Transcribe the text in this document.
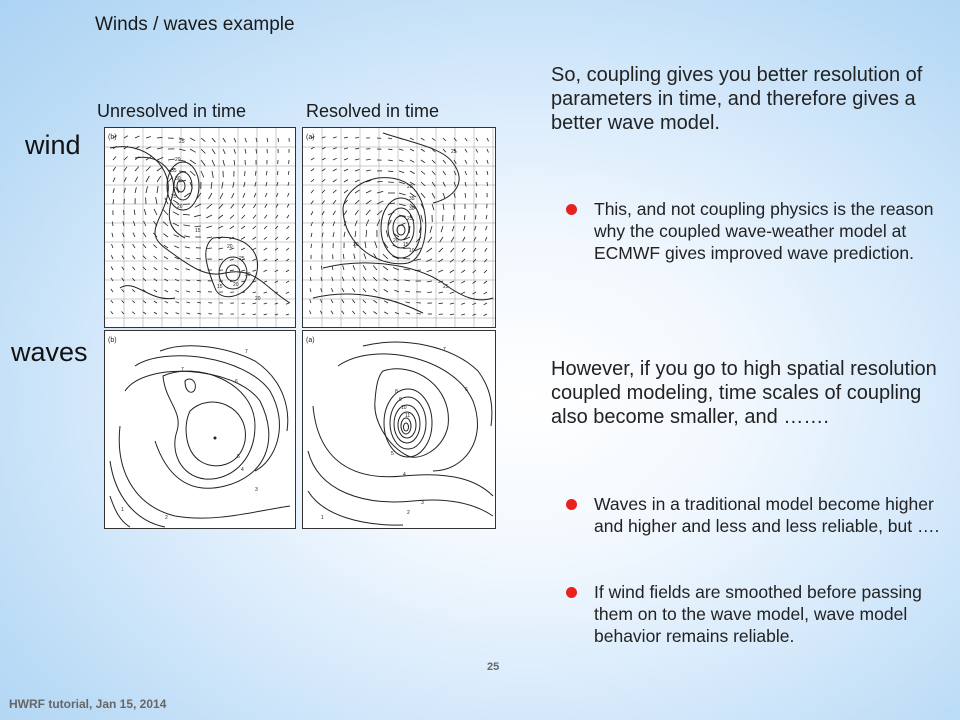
Winds / waves example
Unresolved in time	Resolved in time
wind
waves
(b)
25
20
35
30
25
20
15
20
25
30
20
15
20
(a)
25
20
35
30
25
20
15
10
20
25
(b)
7
7
6
5
4
3
2
1
(a)
8
9
10
11
7
6
5
4
3
2
1

So, coupling gives you better resolution of parameters in time, and therefore gives a better wave model.

This, and not coupling physics is the reason why the coupled wave-weather model at ECMWF gives improved wave prediction.

However, if you go to high spatial resolution coupled modeling, time scales of coupling also become smaller, and …….

Waves in a traditional model become higher and higher and less and less reliable, but ….
If wind fields are smoothed before passing them on to the wave model, wave model behavior remains reliable.
25
HWRF tutorial, Jan 15, 2014
